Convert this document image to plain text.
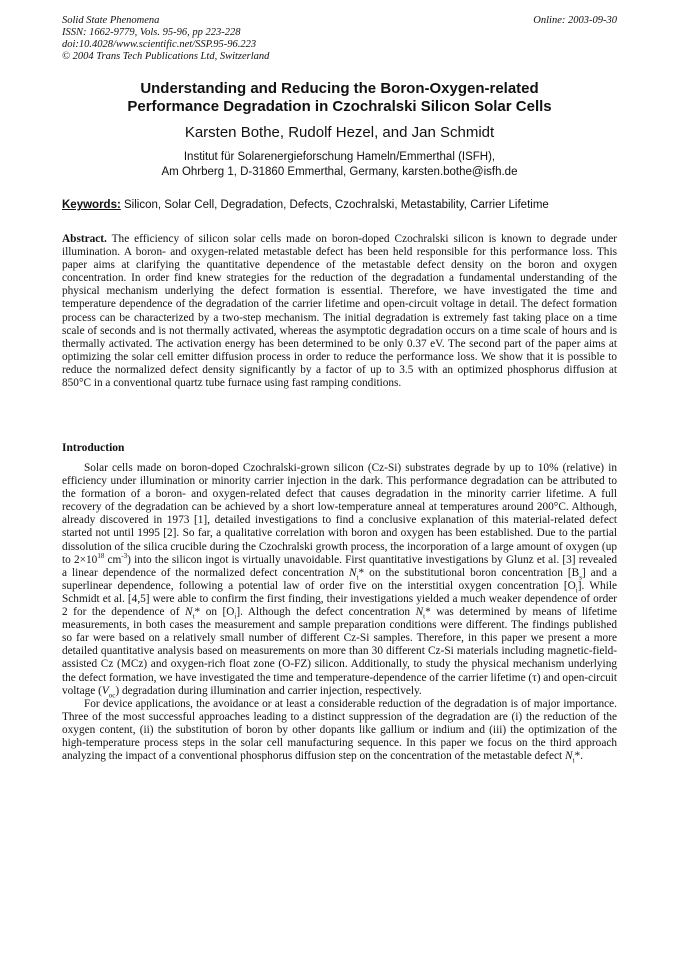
Solid State Phenomena	Online: 2003-09-30
ISSN: 1662-9779, Vols. 95-96, pp 223-228
doi:10.4028/www.scientific.net/SSP.95-96.223
© 2004 Trans Tech Publications Ltd, Switzerland
Understanding and Reducing the Boron-Oxygen-related
Performance Degradation in Czochralski Silicon Solar Cells
Karsten Bothe, Rudolf Hezel, and Jan Schmidt
Institut für Solarenergieforschung Hameln/Emmerthal (ISFH),
Am Ohrberg 1, D-31860 Emmerthal, Germany, karsten.bothe@isfh.de
Keywords: Silicon, Solar Cell, Degradation, Defects, Czochralski, Metastability, Carrier Lifetime
Abstract. The efficiency of silicon solar cells made on boron-doped Czochralski silicon is known to degrade under illumination. A boron- and oxygen-related metastable defect has been held responsible for this performance loss. This paper aims at clarifying the quantitative dependence of the metastable defect density on the boron and oxygen concentration. In order find knew strategies for the reduction of the degradation a fundamental understanding of the physical mechanism underlying the defect formation is essential. Therefore, we have investigated the time and temperature dependence of the degradation of the carrier lifetime and open-circuit voltage in detail. The defect formation process can be characterized by a two-step mechanism. The initial degradation is extremely fast taking place on a time scale of seconds and is not thermally activated, whereas the asymptotic degradation occurs on a time scale of hours and is thermally activated. The activation energy has been determined to be only 0.37 eV. The second part of the paper aims at optimizing the solar cell emitter diffusion process in order to reduce the performance loss. We show that it is possible to reduce the normalized defect density significantly by a factor of up to 3.5 with an optimized phosphorus diffusion at 850°C in a conventional quartz tube furnace using fast ramping conditions.
Introduction

Solar cells made on boron-doped Czochralski-grown silicon (Cz-Si) substrates degrade by up to 10% (relative) in efficiency under illumination or minority carrier injection in the dark. This performance degradation can be attributed to the formation of a boron- and oxygen-related defect that causes degradation in the minority carrier lifetime. A full recovery of the degradation can be achieved by a short low-temperature anneal at temperatures around 200°C. Although, already discovered in 1973 [1], detailed investigations to find a conclusive explanation of this material-related defect started not until 1995 [2]. So far, a qualitative correlation with boron and oxygen has been established. Due to the partial dissolution of the silica crucible during the Czochralski growth process, the incorporation of a large amount of oxygen (up to $2\times 10^{18}$ $cm^{-3}$) into the silicon ingot is virtually unavoidable. First quantitative investigations by Glunz et al. [3] revealed a linear dependence of the normalized defect concentration $N_t*$ on the substitutional boron concentration $[B_s]$ and a superlinear dependence, following a potential law of order five on the interstitial oxygen concentration $[O_i]$. While Schmidt et al. [4,5] were able to confirm the first finding, their investigations yielded a much weaker dependence of order 2 for the dependence of $N_t*$ on $[O_i]$. Although the defect concentration $N_t*$ was determined by means of lifetime measurements, in both cases the measurement and sample preparation conditions were different. The findings published so far were based on a relatively small number of different Cz-Si samples. Therefore, in this paper we present a more detailed quantitative analysis based on measurements on more than 30 different Cz-Si materials including magnetic-field-assisted Cz (MCz) and oxygen-rich float zone (O-FZ) silicon. Additionally, to study the physical mechanism underlying the defect formation, we have investigated the time and temperature-dependence of the carrier lifetime (τ) and open-circuit voltage $(V_{oc})$ degradation during illumination and carrier injection, respectively.

For device applications, the avoidance or at least a considerable reduction of the degradation is of major importance. Three of the most successful approaches leading to a distinct suppression of the degradation are (i) the reduction of the oxygen content, (ii) the substitution of boron by other dopants like gallium or indium and (iii) the optimization of the high-temperature process steps in the solar cell manufacturing sequence. In this paper we focus on the third approach analyzing the impact of a conventional phosphorus diffusion step on the concentration of the metastable defect $N_t*$.
